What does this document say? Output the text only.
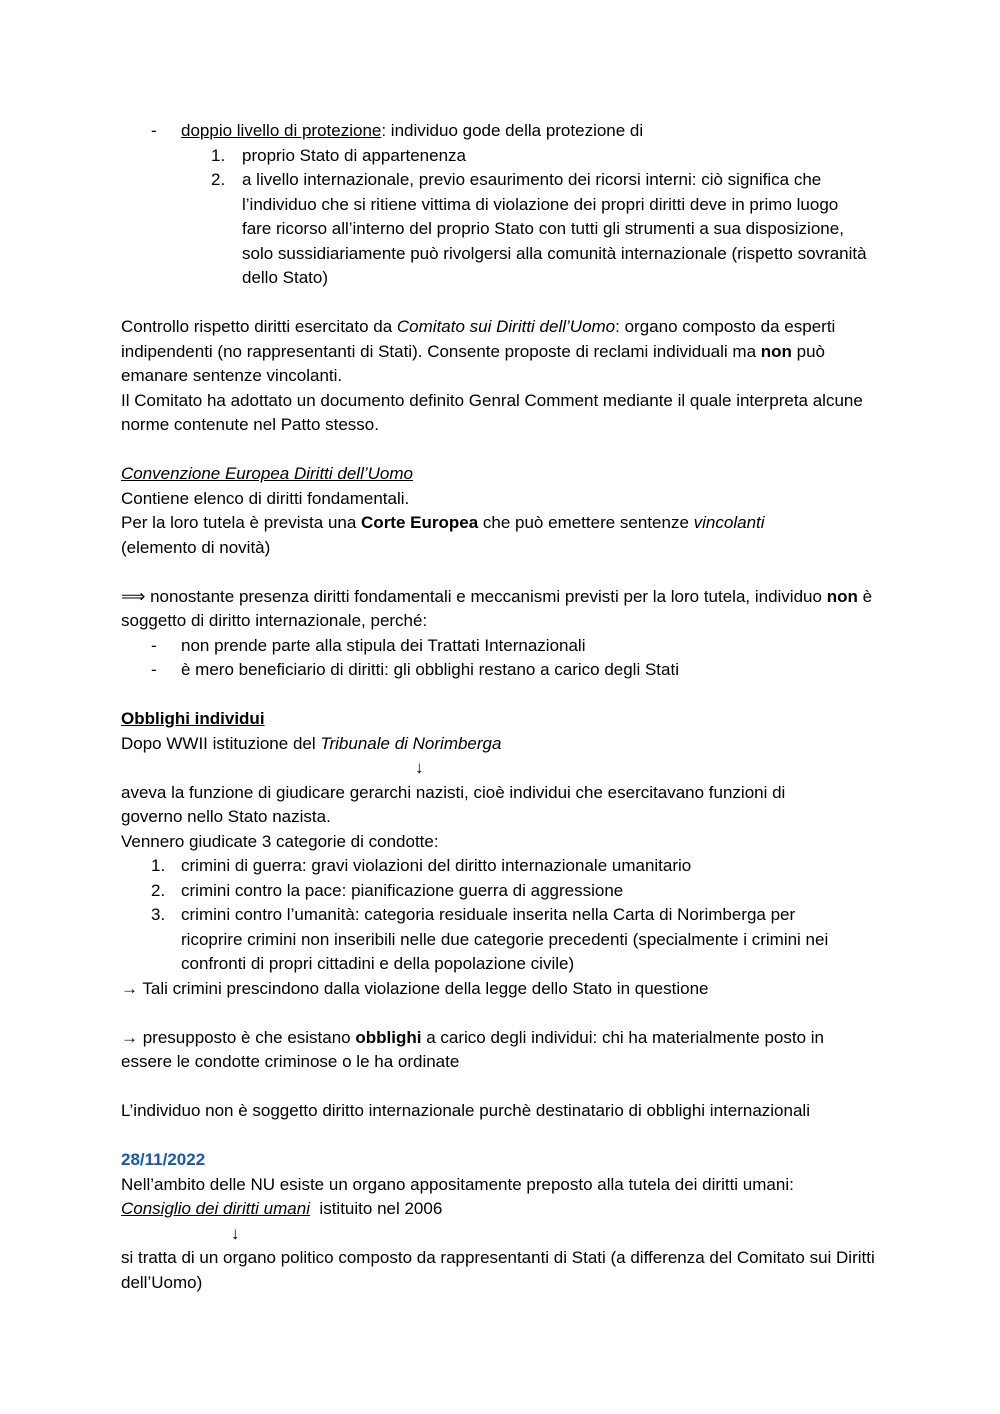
- doppio livello di protezione: individuo gode della protezione di
1. proprio Stato di appartenenza
2. a livello internazionale, previo esaurimento dei ricorsi interni: ciò significa che l’individuo che si ritiene vittima di violazione dei propri diritti deve in primo luogo fare ricorso all’interno del proprio Stato con tutti gli strumenti a sua disposizione, solo sussidiariamente può rivolgersi alla comunità internazionale (rispetto sovranità dello Stato)
Controllo rispetto diritti esercitato da Comitato sui Diritti dell’Uomo: organo composto da esperti indipendenti (no rappresentanti di Stati). Consente proposte di reclami individuali ma non può emanare sentenze vincolanti.
Il Comitato ha adottato un documento definito Genral Comment mediante il quale interpreta alcune norme contenute nel Patto stesso.
Convenzione Europea Diritti dell’Uomo
Contiene elenco di diritti fondamentali.
Per la loro tutela è prevista una Corte Europea che può emettere sentenze vincolanti (elemento di novità)
⟹ nonostante presenza diritti fondamentali e meccanismi previsti per la loro tutela, individuo non è soggetto di diritto internazionale, perché:
- non prende parte alla stipula dei Trattati Internazionali
- è mero beneficiario di diritti: gli obblighi restano a carico degli Stati
Obblighi individui
Dopo WWII istituzione del Tribunale di Norimberga
↓
aveva la funzione di giudicare gerarchi nazisti, cioè individui che esercitavano funzioni di governo nello Stato nazista.
Vennero giudicate 3 categorie di condotte:
1. crimini di guerra: gravi violazioni del diritto internazionale umanitario
2. crimini contro la pace: pianificazione guerra di aggressione
3. crimini contro l’umanità: categoria residuale inserita nella Carta di Norimberga per ricoprire crimini non inseribili nelle due categorie precedenti (specialmente i crimini nei confronti di propri cittadini e della popolazione civile)
→ Tali crimini prescindono dalla violazione della legge dello Stato in questione
→ presupposto è che esistano obblighi a carico degli individui: chi ha materialmente posto in essere le condotte criminose o le ha ordinate
L’individuo non è soggetto diritto internazionale purchè destinatario di obblighi internazionali
28/11/2022
Nell’ambito delle NU esiste un organo appositamente preposto alla tutela dei diritti umani:
Consiglio dei diritti umani  istituito nel 2006
↓
si tratta di un organo politico composto da rappresentanti di Stati (a differenza del Comitato sui Diritti dell’Uomo)
